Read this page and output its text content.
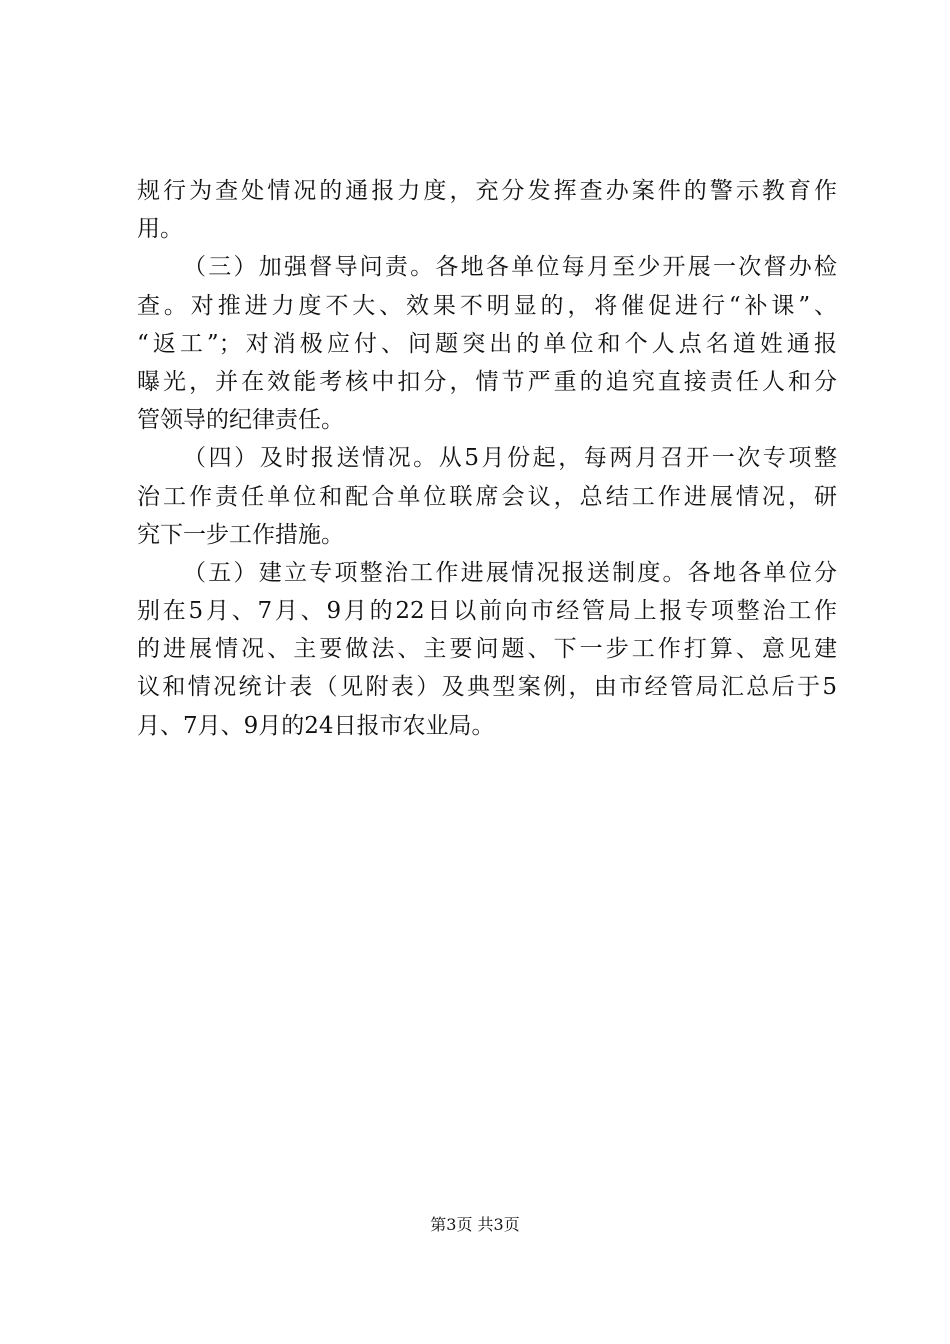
规行为查处情况的通报力度，充分发挥查办案件的警示教育作
用。
（三）加强督导问责。各地各单位每月至少开展一次督办检
查。对推进力度不大、效果不明显的，将催促进行“补课”、
“返工”；对消极应付、问题突出的单位和个人点名道姓通报
曝光，并在效能考核中扣分，情节严重的追究直接责任人和分
管领导的纪律责任。
（四）及时报送情况。从5月份起，每两月召开一次专项整
治工作责任单位和配合单位联席会议，总结工作进展情况，研
究下一步工作措施。
（五）建立专项整治工作进展情况报送制度。各地各单位分
别在5月、7月、9月的22日以前向市经管局上报专项整治工作
的进展情况、主要做法、主要问题、下一步工作打算、意见建
议和情况统计表（见附表）及典型案例，由市经管局汇总后于5
月、7月、9月的24日报市农业局。
第3页 共3页
